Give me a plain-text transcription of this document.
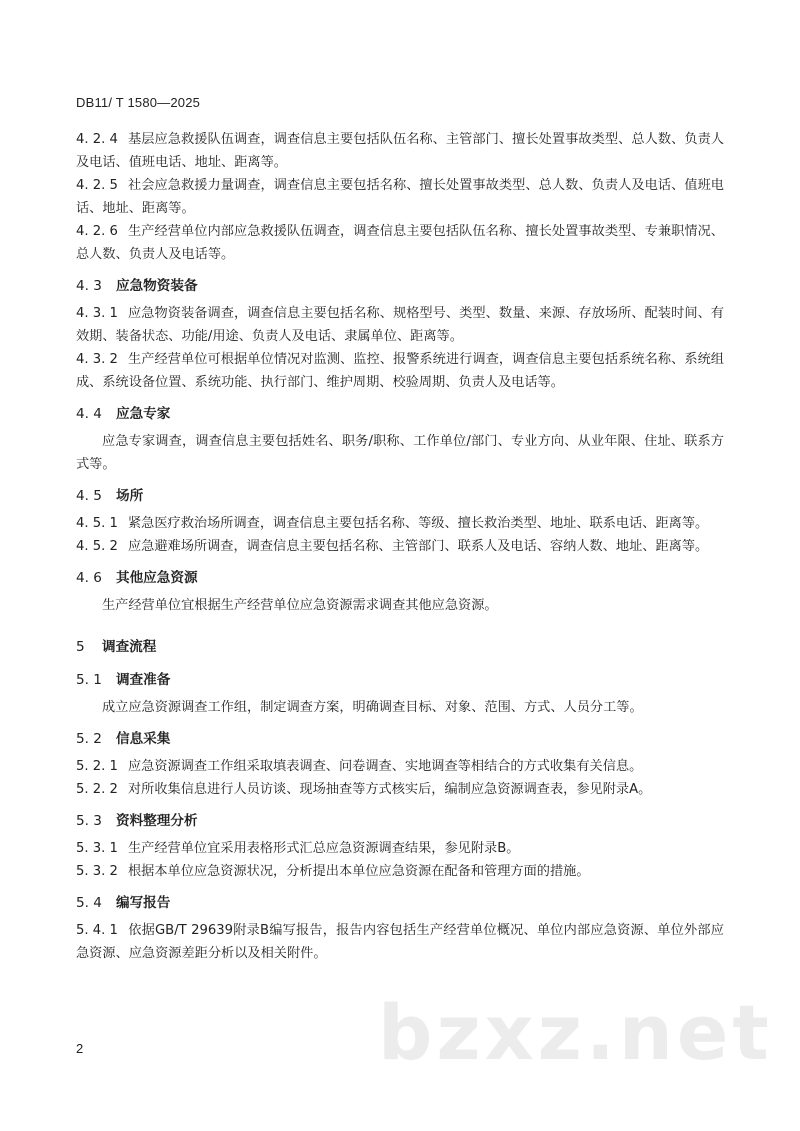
DB11/ T 1580—2025

4. 2. 4 基层应急救援队伍调查，调查信息主要包括队伍名称、主管部门、擅长处置事故类型、总人数、负责人及电话、值班电话、地址、距离等。

4. 2. 5 社会应急救援力量调查，调查信息主要包括名称、擅长处置事故类型、总人数、负责人及电话、值班电话、地址、距离等。

4. 2. 6 生产经营单位内部应急救援队伍调查，调查信息主要包括队伍名称、擅长处置事故类型、专兼职情况、总人数、负责人及电话等。

4. 3 应急物资装备

4. 3. 1 应急物资装备调查，调查信息主要包括名称、规格型号、类型、数量、来源、存放场所、配装时间、有效期、装备状态、功能/用途、负责人及电话、隶属单位、距离等。

4. 3. 2 生产经营单位可根据单位情况对监测、监控、报警系统进行调查，调查信息主要包括系统名称、系统组成、系统设备位置、系统功能、执行部门、维护周期、校验周期、负责人及电话等。

4. 4 应急专家

应急专家调查，调查信息主要包括姓名、职务/职称、工作单位/部门、专业方向、从业年限、住址、联系方式等。

4. 5 场所

4. 5. 1 紧急医疗救治场所调查，调查信息主要包括名称、等级、擅长救治类型、地址、联系电话、距离等。

4. 5. 2 应急避难场所调查，调查信息主要包括名称、主管部门、联系人及电话、容纳人数、地址、距离等。

4. 6 其他应急资源

生产经营单位宜根据生产经营单位应急资源需求调查其他应急资源。

5 调查流程

5. 1 调查准备

成立应急资源调查工作组，制定调查方案，明确调查目标、对象、范围、方式、人员分工等。

5. 2 信息采集

5. 2. 1 应急资源调查工作组采取填表调查、问卷调查、实地调查等相结合的方式收集有关信息。

5. 2. 2 对所收集信息进行人员访谈、现场抽查等方式核实后，编制应急资源调查表，参见附录A。

5. 3 资料整理分析

5. 3. 1 生产经营单位宜采用表格形式汇总应急资源调查结果，参见附录B。

5. 3. 2 根据本单位应急资源状况，分析提出本单位应急资源在配备和管理方面的措施。

5. 4 编写报告

5. 4. 1 依据GB/T 29639附录B编写报告，报告内容包括生产经营单位概况、单位内部应急资源、单位外部应急资源、应急资源差距分析以及相关附件。

2	bzxz.net
